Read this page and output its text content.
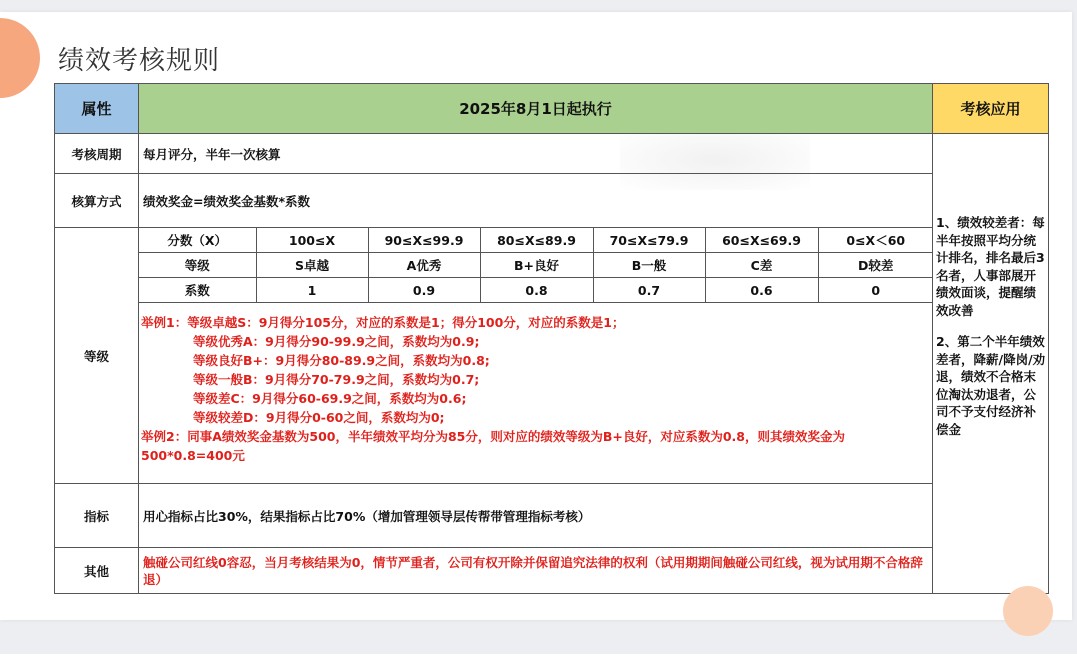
绩效考核规则
属性	2025年8月1日起执行	考核应用
考核周期	每月评分，半年一次核算	

1、绩效较差者：每半年按照平均分统计排名，排名最后3名者，人事部展开绩效面谈，提醒绩效改善

2、第二个半年绩效差者，降薪/降岗/劝退，绩效不合格末位淘汰劝退者，公司不予支付经济补偿金

核算方式	绩效奖金=绩效奖金基数*系数
等级	
分数（X）	100≤X	90≤X≤99.9	80≤X≤89.9	70≤X≤79.9	60≤X≤69.9	0≤X＜60
等级	S卓越	A优秀	B+良好	B一般	C差	D较差
系数	1	0.9	0.8	0.7	0.6	0
举例1：等级卓越S：9月得分105分，对应的系数是1；得分100分，对应的系数是1；
等级优秀A：9月得分90-99.9之间，系数均为0.9;
等级良好B+：9月得分80-89.9之间，系数均为0.8;
等级一般B：9月得分70-79.9之间，系数均为0.7;
等级差C：9月得分60-69.9之间，系数均为0.6;
等级较差D：9月得分0-60之间，系数均为0;
举例2：同事A绩效奖金基数为500，半年绩效平均分为85分，则对应的绩效等级为B+良好，对应系数为0.8，则其绩效奖金为500*0.8=400元

指标	用心指标占比30%，结果指标占比70%（增加管理领导层传帮带管理指标考核）
其他	触碰公司红线0容忍，当月考核结果为0，情节严重者，公司有权开除并保留追究法律的权利（试用期期间触碰公司红线，视为试用期不合格辞退）
